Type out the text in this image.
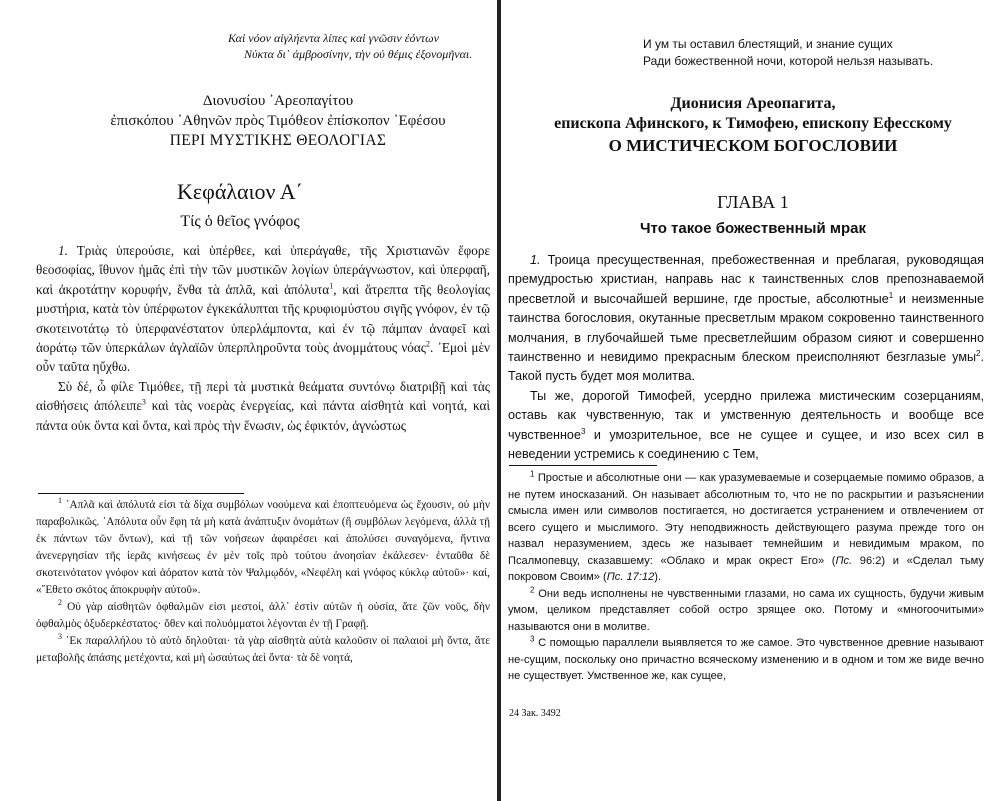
Καὶ νόον αἰγλήεντα λίπες καὶ γνῶσιν ἐόντων
Νύκτα δι᾿ ἀμβροσίνην, τὴν οὐ θέμις ἐξονομῆναι.
Διονυσίου ᾿Αρεοπαγίτου
ἐπισκόπου ᾿Αθηνῶν πρὸς Τιμόθεον ἐπίσκοπον ᾿Εφέσου
ΠΕΡΙ ΜΥΣΤΙΚΗΣ ΘΕΟΛΟΓΙΑΣ
Κεφάλαιον Α΄
Τίς ὁ θεῖος γνόφος

1. Τριὰς ὑπερούσιε, καὶ ὑπέρθεε, καὶ ὑπεράγαθε, τῆς Χριστιανῶν ἔφορε θεοσοφίας, ἴθυνον ἡμᾶς ἐπὶ τὴν τῶν μυστικῶν λογίων ὑπεράγνωστον, καὶ ὑπερφαῆ, καὶ ἀκροτάτην κορυφήν, ἔνθα τὰ ἁπλᾶ, καὶ ἀπόλυτα$^1$, καὶ ἄτρεπτα τῆς θεολογίας μυστήρια, κατὰ τὸν ὑπέρφωτον ἐγκεκάλυπται τῆς κρυφιομύστου σιγῆς γνόφον, ἐν τῷ σκοτεινοτάτῳ τὸ ὑπερφανέστατον ὑπερλάμποντα, καὶ ἐν τῷ πάμπαν ἀναφεῖ καὶ ἀοράτῳ τῶν ὑπερκάλων ἀγλαϊῶν ὑπερπληροῦντα τοὺς ἀνομμάτους νόας$^2$. ᾿Εμοὶ μὲν οὖν ταῦτα ηὔχθω.

Σὺ δέ, ὦ φίλε Τιμόθεε, τῇ περὶ τὰ μυστικὰ θεάματα συντόνῳ διατριβῇ καὶ τὰς αἰσθήσεις ἀπόλειπε$^3$ καὶ τὰς νοερὰς ἐνεργείας, καὶ πάντα αἰσθητὰ καὶ νοητά, καὶ πάντα οὐκ ὄντα καὶ ὄντα, καὶ πρὸς τὴν ἕνωσιν, ὡς ἐφικτόν, ἀγνώστως

$^1$ ῾Απλᾶ καὶ ἀπόλυτά εἰσι τὰ δίχα συμβόλων νοούμενα καὶ ἐποπτευόμενα ὡς ἔχουσιν, οὐ μὴν παραβολικῶς. ᾿Απόλυτα οὖν ἔφη τὰ μὴ κατὰ ἀνάπτυξιν ὀνομάτων (ἢ συμβόλων λεγόμενα, ἀλλὰ τῇ ἐκ πάντων τῶν ὄντων), καὶ τῇ τῶν νοήσεων ἀφαιρέσει καὶ ἀπολύσει συναγόμενα, ἥντινα ἀνενεργησίαν τῆς ἱερᾶς κινήσεως ἐν μὲν τοῖς πρὸ τούτου ἀνοησίαν ἐκάλεσεν· ἐνταῦθα δὲ σκοτεινότατον γνόφον καὶ ἀόρατον κατὰ τὸν Ψαλμῳδόν, «Νεφέλη καὶ γνόφος κύκλῳ αὐτοῦ»· καί, «῎Εθετο σκότος ἀποκρυφὴν αὐτοῦ».

$^2$ Οὐ γὰρ αἰσθητῶν ὀφθαλμῶν εἰσι μεστοί, ἀλλ᾿ ἐστὶν αὐτῶν ἡ οὐσία, ἅτε ζῶν νοῦς, δὴν ὀφθαλμὸς ὀξυδερκέστατος· ὅθεν καὶ πολυόμματοι λέγονται ἐν τῇ Γραφῇ.

$^3$ ᾿Εκ παραλλήλου τὸ αὐτὸ δηλοῦται· τὰ γὰρ αἰσθητὰ αὐτὰ καλοῦσιν οἱ παλαιοὶ μὴ ὄντα, ἅτε μεταβολῆς ἁπάσης μετέχοντα, καὶ μὴ ὡσαύτως ἀεὶ ὄντα· τὰ δὲ νοητά,

И ум ты оставил блестящий, и знание сущих
Ради божественной ночи, которой нельзя называть.
Дионисия Ареопагита,
епископа Афинского, к Тимофею, епископу Ефесскому
О МИСТИЧЕСКОМ БОГОСЛОВИИ
ГЛАВА 1
Что такое божественный мрак

1. Троица пресущественная, пребожественная и преблагая, руководящая премудростью христиан, направь нас к таинственных слов препознаваемой пресветлой и высочайшей вершине, где простые, абсолютные$^1$ и неизменные таинства богословия, окутанные пресветлым мраком сокровенно таинственного молчания, в глубочайшей тьме пресветлейшим образом сияют и совершенно таинственно и невидимо прекрасным блеском преисполняют безглазые умы$^2$. Такой пусть будет моя молитва.

Ты же, дорогой Тимофей, усердно прилежа мистическим созерцаниям, оставь как чувственную, так и умственную деятельность и вообще все чувственное$^3$ и умозрительное, все не сущее и сущее, и изо всех сил в неведении устремись к соединению с Тем,

$^1$ Простые и абсолютные они — как уразумеваемые и созерцаемые помимо образов, а не путем иносказаний. Он называет абсолютным то, что не по раскрытии и разъяснении смысла имен или символов постигается, но достигается устранением и отвлечением от всего сущего и мыслимого. Эту неподвижность действующего разума прежде того он назвал неразумением, здесь же называет темнейшим и невидимым мраком, по Псалмопевцу, сказавшему: «Облако и мрак окрест Его» (Пс. 96:2) и «Сделал тьму покровом Своим» (Пс. 17:12).

$^2$ Они ведь исполнены не чувственными глазами, но сама их сущность, будучи живым умом, целиком представляет собой остро зрящее око. Потому и «многоочитыми» называются они в молитве.

$^3$ С помощью параллели выявляется то же самое. Это чувственное древние называют не-сущим, поскольку оно причастно всяческому изменению и в одном и том же виде вечно не существует. Умственное же, как сущее,

24 Зак. 3492
